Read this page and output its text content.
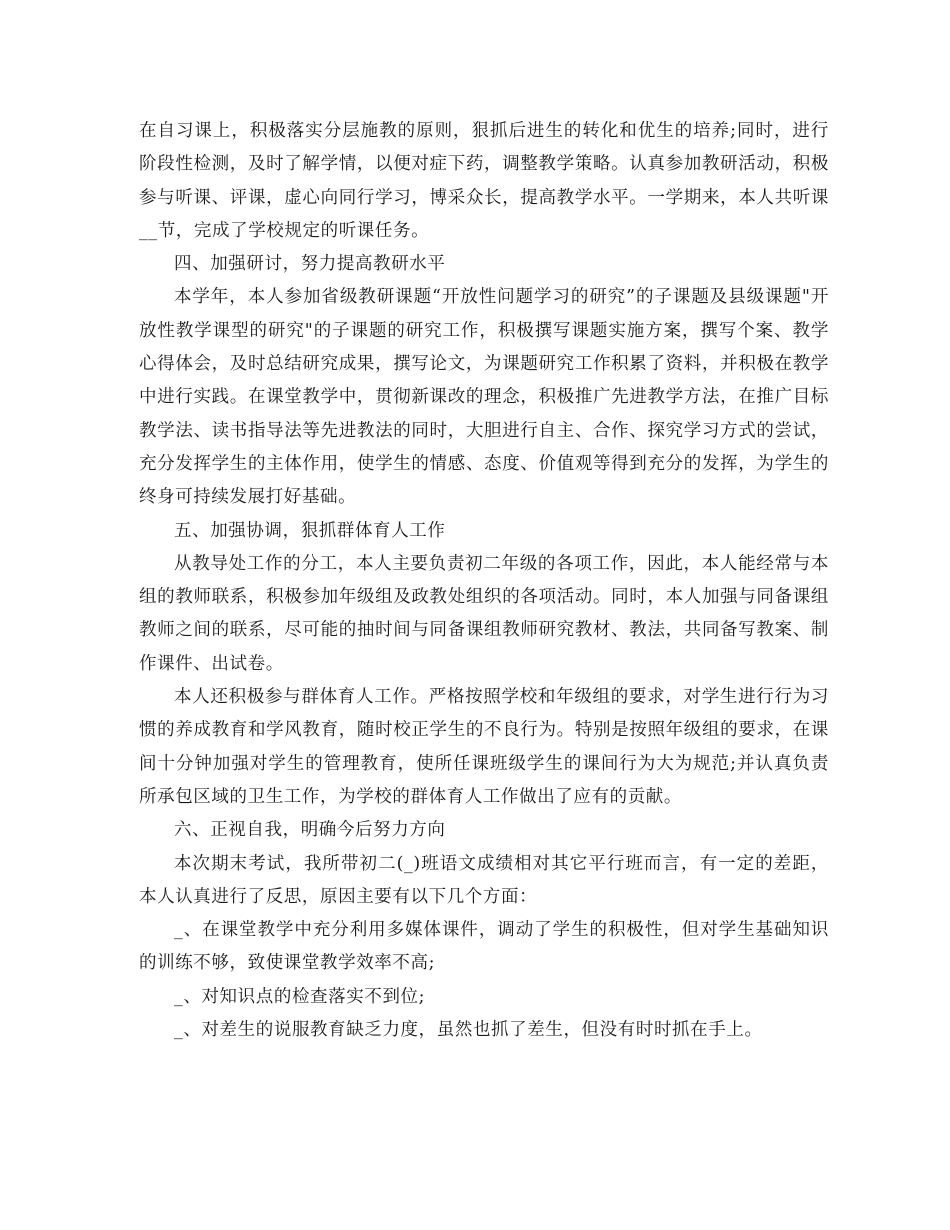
在自习课上，积极落实分层施教的原则，狠抓后进生的转化和优生的培养;同时，进行阶段性检测，及时了解学情，以便对症下药，调整教学策略。认真参加教研活动，积极参与听课、评课，虚心向同行学习，博采众长，提高教学水平。一学期来，本人共听课__节，完成了学校规定的听课任务。

四、加强研讨，努力提高教研水平

本学年，本人参加省级教研课题“开放性问题学习的研究”的子课题及县级课题"开放性教学课型的研究"的子课题的研究工作，积极撰写课题实施方案，撰写个案、教学心得体会，及时总结研究成果，撰写论文，为课题研究工作积累了资料，并积极在教学中进行实践。在课堂教学中，贯彻新课改的理念，积极推广先进教学方法，在推广目标教学法、读书指导法等先进教法的同时，大胆进行自主、合作、探究学习方式的尝试，充分发挥学生的主体作用，使学生的情感、态度、价值观等得到充分的发挥，为学生的终身可持续发展打好基础。

五、加强协调，狠抓群体育人工作

从教导处工作的分工，本人主要负责初二年级的各项工作，因此，本人能经常与本组的教师联系，积极参加年级组及政教处组织的各项活动。同时，本人加强与同备课组教师之间的联系，尽可能的抽时间与同备课组教师研究教材、教法，共同备写教案、制作课件、出试卷。

本人还积极参与群体育人工作。严格按照学校和年级组的要求，对学生进行行为习惯的养成教育和学风教育，随时校正学生的不良行为。特别是按照年级组的要求，在课间十分钟加强对学生的管理教育，使所任课班级学生的课间行为大为规范;并认真负责所承包区域的卫生工作，为学校的群体育人工作做出了应有的贡献。

六、正视自我，明确今后努力方向

本次期末考试，我所带初二(_)班语文成绩相对其它平行班而言，有一定的差距，本人认真进行了反思，原因主要有以下几个方面：

_、在课堂教学中充分利用多媒体课件，调动了学生的积极性，但对学生基础知识的训练不够，致使课堂教学效率不高;

_、对知识点的检查落实不到位;

_、对差生的说服教育缺乏力度，虽然也抓了差生，但没有时时抓在手上。
